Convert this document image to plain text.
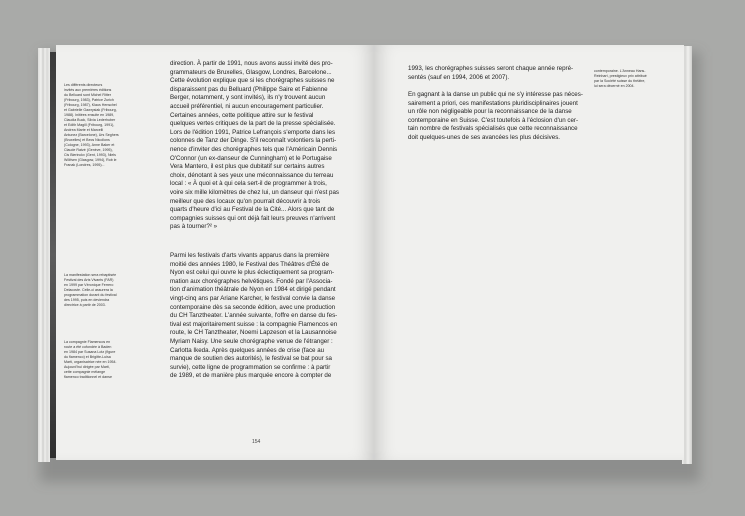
Les différents directeurs
invités aux premières éditions
du Belluard sont Michel Ritter
(Fribourg, 1983), Patrice Zurich
(Fribourg, 1987), Klaus Henschel
et Gabrielle Gawrysiak (Fribourg,
1988). Initiées ensuite en 1989,
Claudia Buck, Silvia Lederhuber
et Edith Magill (Fribourg, 1991),
Andrea Marte et Marcelli
Antunez (Barcelone), Urs Seghers
(Bruxelles) et Becs Nicollons
(Cologne, 1993), Anne Baker et
Claude Ratzé (Genève, 1995),
Cis Bierinckx (Gent, 1993), Niels
Wölfsen (Glasgow, 1994), Rob le
Franak (Londres, 1995)...
La manifestation sera rebaptisée
Festival des Arts Vivants (FAR)
en 1999 par Véronique Ferrero
Delacoste. Celle-ci assurera la
programmation durant du festival
des 1995, puis en deviendra
directrice à partir de 2003.
La compagnie Flamencos en
route a été cofondée à Baden
en 1984 par Susana Lotz (figure
du flamenco) et Brigitte-Luisa
Marti, organisatrice née en 1954.
Aujourd'hui dirigée par Marti,
cette compagnie mélange
flamenco traditionnel et danse
direction. À partir de 1991, nous avons aussi invité des pro-
grammateurs de Bruxelles, Glasgow, Londres, Barcelone...
Cette évolution explique que si les chorégraphes suisses ne
disparaissent pas du Belluard (Philippe Saire et Fabienne
Berger, notamment, y sont invités), ils n'y trouvent aucun
accueil préférentiel, ni aucun encouragement particulier.
Certaines années, cette politique attire sur le festival
quelques vertes critiques de la part de la presse spécialisée.
Lors de l'édition 1991, Patrice Lefrançois s'emporte dans les
colonnes de Tanz der Dinge. S'il reconnaît volontiers la perti-
nence d'inviter des chorégraphes tels que l'Américain Dennis
O'Connor (un ex-danseur de Cunningham) et le Portugaise
Vera Mantero, il est plus que dubitatif sur certains autres
choix, dénotant à ses yeux une méconnaissance du terreau
local : « À quoi et à qui cela sert-il de programmer à trois,
voire six mille kilomètres de chez lui, un danseur qui n'est pas
meilleur que des locaux qu'on pourrait découvrir à trois
quarts d'heure d'ici au Festival de la Cité... Alors que tant de
compagnies suisses qui ont déjà fait leurs preuves n'arrivent
pas à tourner?² »
Parmi les festivals d'arts vivants apparus dans la première
moitié des années 1980, le Festival des Théâtres d'Été de
Nyon est celui qui ouvre le plus éclectiquement sa program-
mation aux chorégraphes helvétiques. Fondé par l'Associa-
tion d'animation théâtrale de Nyon en 1984 et dirigé pendant
vingt-cinq ans par Ariane Karcher, le festival convie la danse
contemporaine dès sa seconde édition, avec une production
du CH Tanztheater. L'année suivante, l'offre en danse du fes-
tival est majoritairement suisse : la compagnie Flamencos en
route, le CH Tanztheater, Noemi Lapzeson et la Lausannoise
Myriam Naisy. Une seule chorégraphe venue de l'étranger :
Carlotta Ikeda. Après quelques années de crise (face au
manque de soutien des autorités), le festival se bat pour sa
survie), cette ligne de programmation se confirme : à partir
de 1989, et de manière plus marquée encore à compter de
154
1993, les chorégraphes suisses seront chaque année repré-
sentés (sauf en 1994, 2006 et 2007).
En gagnant à la danse un public qui ne s'y intéresse pas néces-
sairement a priori, ces manifestations pluridisciplinaires jouent
un rôle non négligeable pour la reconnaissance de la danse
contemporaine en Suisse. C'est toutefois à l'éclosion d'un cer-
tain nombre de festivals spécialisés que cette reconnaissance
doit quelques-unes de ses avancées les plus décisives.
contemporaine. L'Anneau Hans-
Reinhart, prestigieux prix attribué
par la Société suisse du théâtre,
lui sera décerné en 2004.
